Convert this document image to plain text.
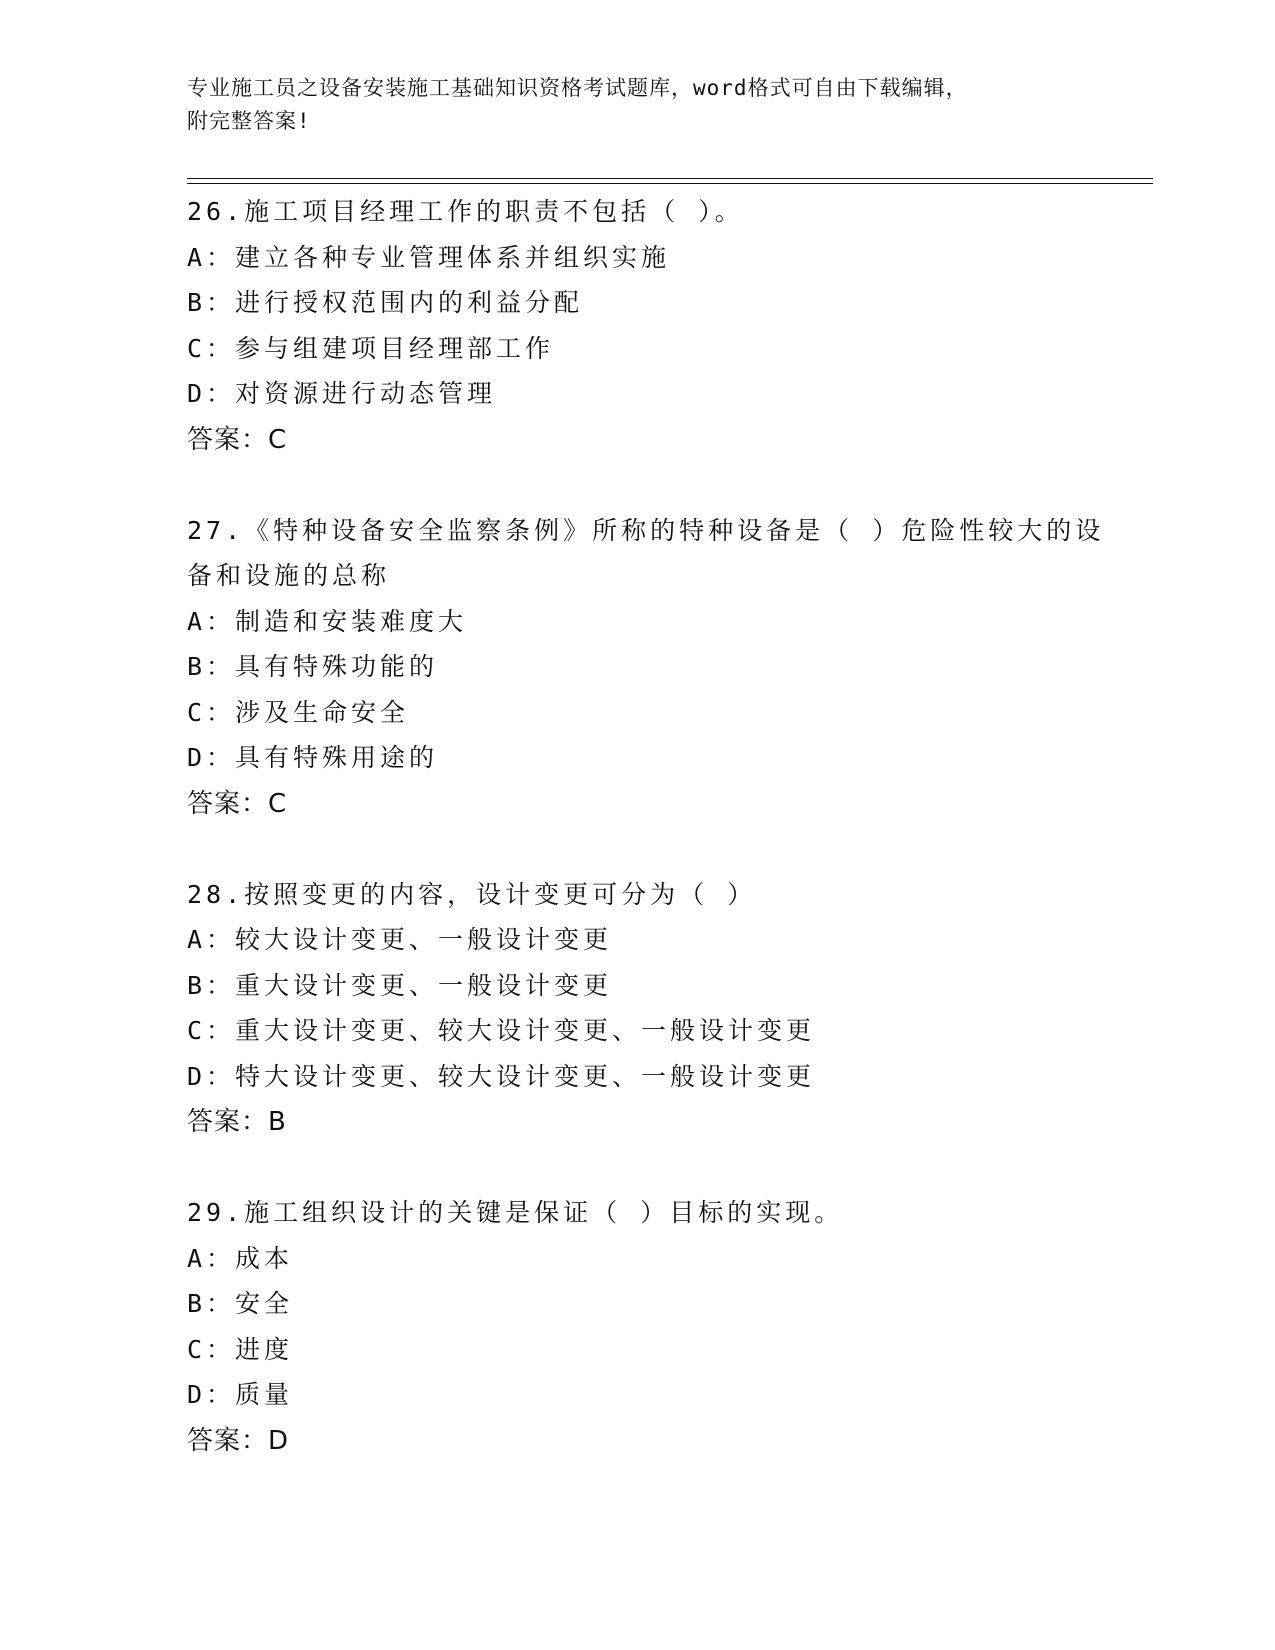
专业施工员之设备安装施工基础知识资格考试题库，word格式可自由下载编辑，
附完整答案!
26.施工项目经理工作的职责不包括（ ）。
A：建立各种专业管理体系并组织实施
B：进行授权范围内的利益分配
C：参与组建项目经理部工作
D：对资源进行动态管理
答案：C
27.《特种设备安全监察条例》所称的特种设备是（ ）危险性较大的设备和设施的总称
A：制造和安装难度大
B：具有特殊功能的
C：涉及生命安全
D：具有特殊用途的
答案：C
28.按照变更的内容，设计变更可分为（ ）
A：较大设计变更、一般设计变更
B：重大设计变更、一般设计变更
C：重大设计变更、较大设计变更、一般设计变更
D：特大设计变更、较大设计变更、一般设计变更
答案：B
29.施工组织设计的关键是保证（ ）目标的实现。
A：成本
B：安全
C：进度
D：质量
答案：D
